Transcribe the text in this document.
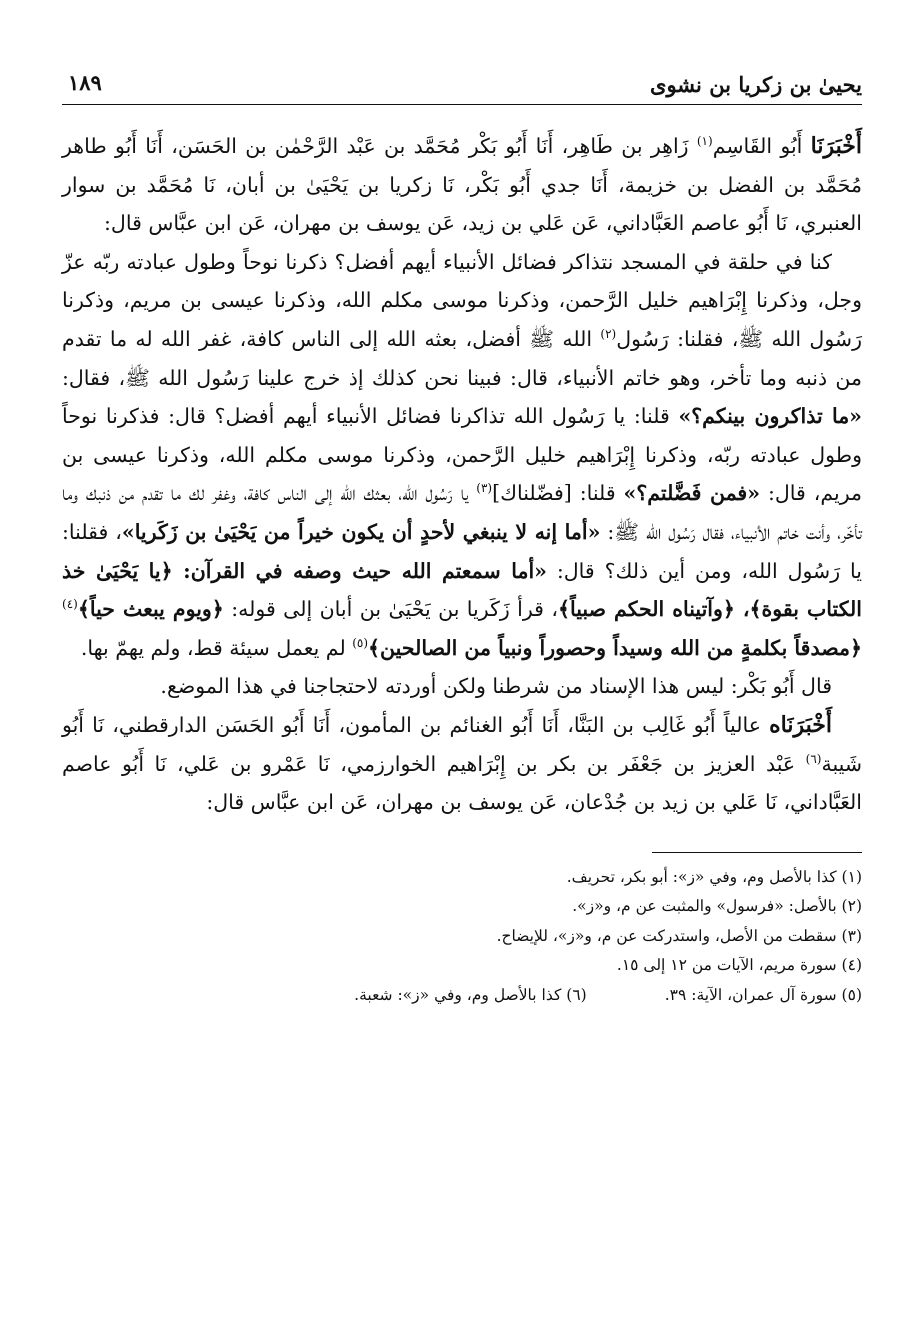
يحيىٰ بن زكريا بن نشوى
١٨٩

أَخْبَرَنَا أَبُو القَاسِم$^{(١)}$ زَاهِر بن طَاهِر، أَنَا أَبُو بَكْر مُحَمَّد بن عَبْد الرَّحْمٰن بن الحَسَن، أَنَا أَبُو طاهر مُحَمَّد بن الفضل بن خزيمة، أَنَا جدي أَبُو بَكْر، نَا زكريا بن يَحْيَىٰ بن أبان، نَا مُحَمَّد بن سوار العنبري، نَا أَبُو عاصم العَبَّاداني، عَن عَلي بن زيد، عَن يوسف بن مهران، عَن ابن عبَّاس قال:

كنا في حلقة في المسجد نتذاكر فضائل الأنبياء أيهم أفضل؟ ذكرنا نوحاً وطول عبادته ربّه عزّ وجل، وذكرنا إِبْرَاهيم خليل الرَّحمن، وذكرنا موسى مكلم الله، وذكرنا عيسى بن مريم، وذكرنا رَسُول الله ﷺ، فقلنا: رَسُول$^{(٢)}$ الله ﷺ أفضل، بعثه الله إلى الناس كافة، غفر الله له ما تقدم من ذنبه وما تأخر، وهو خاتم الأنبياء، قال: فبينا نحن كذلك إذ خرج علينا رَسُول الله ﷺ، فقال: «ما تذاكرون بينكم؟» قلنا: يا رَسُول الله تذاكرنا فضائل الأنبياء أيهم أفضل؟ قال: فذكرنا نوحاً وطول عبادته ربّه، وذكرنا إِبْرَاهيم خليل الرَّحمن، وذكرنا موسى مكلم الله، وذكرنا عيسى بن مريم، قال: «فمن فَضَّلتم؟» قلنا: [فضّلناك]$^{(٣)}$ يا رَسُول الله، بعثك الله إلى الناس كافة، وغفر لك ما تقدم من ذنبك وما تأخّر، وأنت خاتم الأنبياء، فقال رَسُول الله ﷺ: «أما إنه لا ينبغي لأحدٍ أن يكون خيراً من يَحْيَىٰ بن زَكَريا»، فقلنا: يا رَسُول الله، ومن أين ذلك؟ قال: «أما سمعتم الله حيث وصفه في القرآن: ﴿يا يَحْيَىٰ خذ الكتاب بقوة﴾، ﴿وآتيناه الحكم صبياً﴾، قرأ زَكَريا بن يَحْيَىٰ بن أبان إلى قوله: ﴿ويوم يبعث حياً﴾$^{(٤)}$ ﴿مصدقاً بكلمةٍ من الله وسيداً وحصوراً ونبياً من الصالحين﴾$^{(٥)}$ لم يعمل سيئة قط، ولم يهمّ بها.

قال أَبُو بَكْر: ليس هذا الإسناد من شرطنا ولكن أوردته لاحتجاجنا في هذا الموضع.

أَخْبَرَنَاه عالياً أَبُو غَالِب بن البَنَّا، أَنَا أَبُو الغنائم بن المأمون، أَنَا أَبُو الحَسَن الدارقطني، نَا أَبُو شَيبة$^{(٦)}$ عَبْد العزيز بن جَعْفَر بن بكر بن إِبْرَاهيم الخوارزمي، نَا عَمْرو بن عَلي، نَا أَبُو عاصم العَبَّاداني، نَا عَلي بن زيد بن جُدْعان، عَن يوسف بن مهران، عَن ابن عبَّاس قال:

(١) كذا بالأصل وم، وفي «ز»: أبو بكر، تحريف.
(٢) بالأصل: «فرسول» والمثبت عن م، و«ز».
(٣) سقطت من الأصل، واستدركت عن م، و«ز»، للإيضاح.
(٤) سورة مريم، الآيات من ١٢ إلى ١٥.
(٥) سورة آل عمران، الآية: ٣٩.
(٦) كذا بالأصل وم، وفي «ز»: شعبة.
